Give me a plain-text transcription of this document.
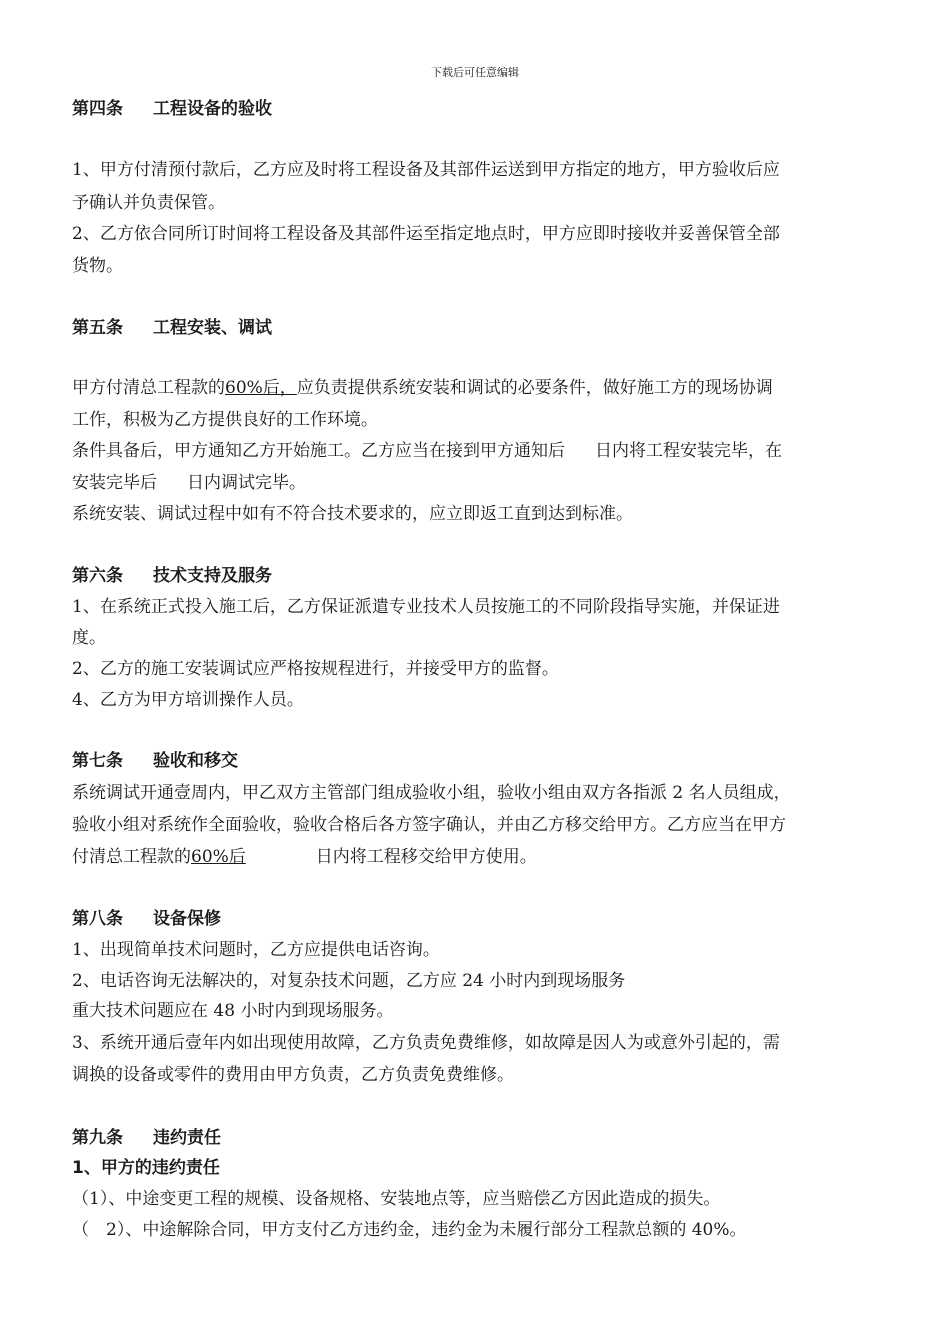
下载后可任意编辑
第四条 工程设备的验收
1、甲方付清预付款后，乙方应及时将工程设备及其部件运送到甲方指定的地方，甲方验收后应
予确认并负责保管。
2、乙方依合同所订时间将工程设备及其部件运至指定地点时，甲方应即时接收并妥善保管全部
货物。
第五条 工程安装、调试
甲方付清总工程款的60%后，应负责提供系统安装和调试的必要条件，做好施工方的现场协调
工作，积极为乙方提供良好的工作环境。
条件具备后，甲方通知乙方开始施工。乙方应当在接到甲方通知后 日内将工程安装完毕，在
安装完毕后 日内调试完毕。
系统安装、调试过程中如有不符合技术要求的，应立即返工直到达到标准。
第六条 技术支持及服务
1、在系统正式投入施工后，乙方保证派遣专业技术人员按施工的不同阶段指导实施，并保证进
度。
2、乙方的施工安装调试应严格按规程进行，并接受甲方的监督。
4、乙方为甲方培训操作人员。
第七条 验收和移交
系统调试开通壹周内，甲乙双方主管部门组成验收小组，验收小组由双方各指派 2 名人员组成，
验收小组对系统作全面验收，验收合格后各方签字确认，并由乙方移交给甲方。乙方应当在甲方
付清总工程款的60%后	日内将工程移交给甲方使用。
第八条 设备保修
1、出现简单技术问题时，乙方应提供电话咨询。
2、电话咨询无法解决的，对复杂技术问题，乙方应 24 小时内到现场服务
重大技术问题应在 48 小时内到现场服务。
3、系统开通后壹年内如出现使用故障，乙方负责免费维修，如故障是因人为或意外引起的，需
调换的设备或零件的费用由甲方负责，乙方负责免费维修。
第九条 违约责任
1、甲方的违约责任
（1）、中途变更工程的规模、设备规格、安装地点等，应当赔偿乙方因此造成的损失。
（　2）、中途解除合同，甲方支付乙方违约金，违约金为未履行部分工程款总额的 40%。
